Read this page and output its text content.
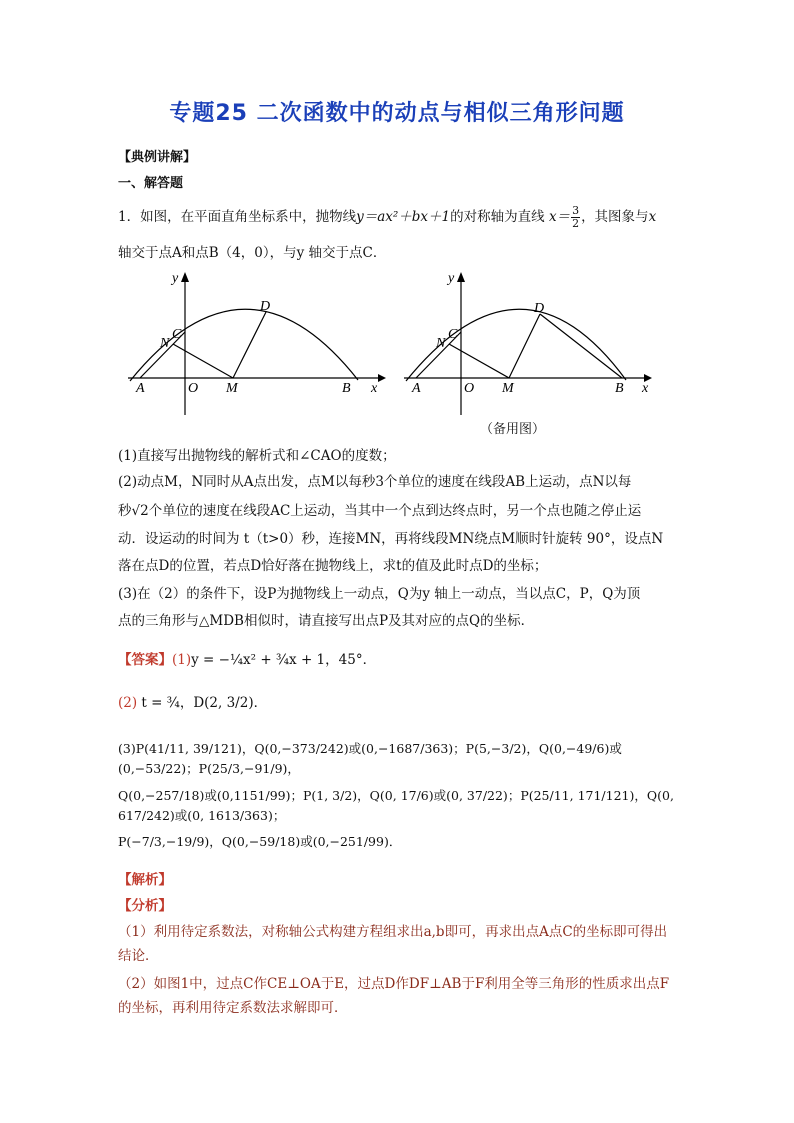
专题25 二次函数中的动点与相似三角形问题
【典例讲解】
一、解答题
1．如图，在平面直角坐标系中，抛物线y＝ax²＋bx＋1的对称轴为直线 $x= \frac{3}{2}$ ，其图象与x
轴交于点A和点B（4，0），与y 轴交于点C．
y
D
C
N
A	O M	B x
y
D
C
N
A	O M	B x
（备用图）
(1)直接写出抛物线的解析式和∠CAO的度数；
(2)动点M，N同时从A点出发，点M以每秒3个单位的速度在线段AB上运动，点N以每
秒√2个单位的速度在线段AC上运动，当其中一个点到达终点时，另一个点也随之停止运
动．设运动的时间为 t（t>0）秒，连接MN，再将线段MN绕点M顺时针旋转 90°，设点N
落在点D的位置，若点D恰好落在抛物线上，求t的值及此时点D的坐标；
(3)在（2）的条件下，设P为抛物线上一动点，Q为y 轴上一动点，当以点C，P，Q为顶
点的三角形与△MDB相似时，请直接写出点P及其对应的点Q的坐标．
【答案】(1)y = −¼x² + ¾x + 1，45°．
(2) t = ¾，D(2, 3/2)．
(3)P(41/11, 39/121)，Q(0,−373/242)或(0,−1687/363)；P(5,−3/2)，Q(0,−49/6)或(0,−53/22)；P(25/3,−91/9)，
Q(0,−257/18)或(0,1151/99)；P(1, 3/2)，Q(0, 17/6)或(0, 37/22)；P(25/11, 171/121)，Q(0, 617/242)或(0, 1613/363)；
P(−7/3,−19/9)，Q(0,−59/18)或(0,−251/99)．
【解析】
【分析】
（1）利用待定系数法，对称轴公式构建方程组求出a,b即可，再求出点A点C的坐标即可得出结论．
（2）如图1中，过点C作CE⊥OA于E，过点D作DF⊥AB于F利用全等三角形的性质求出点F的坐标，再利用待定系数法求解即可．
